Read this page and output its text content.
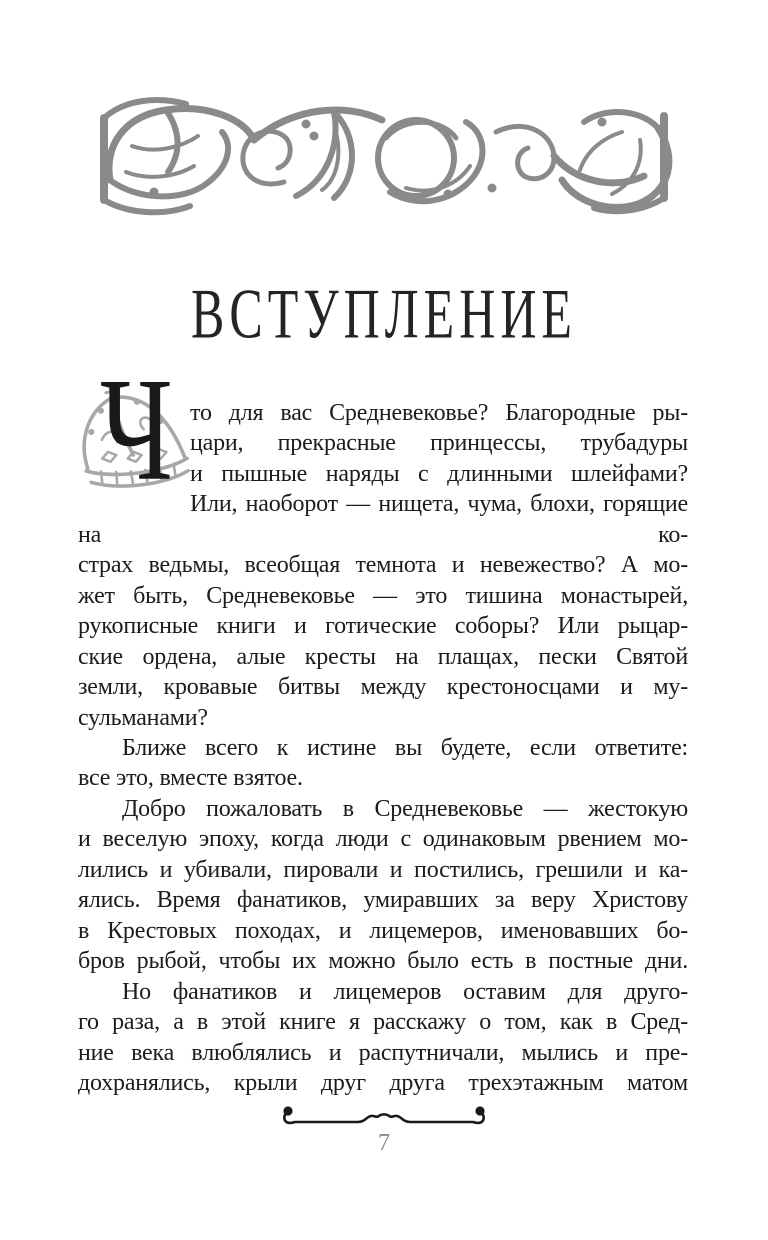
ВСТУПЛЕНИЕ
Ч то для вас Средневековье? Благородные ры-
цари, прекрасные принцессы, трубадуры
и пышные наряды с длинными шлейфами?
Или, наоборот — нищета, чума, блохи, горящие на ко-
страх ведьмы, всеобщая темнота и невежество? А мо-
жет быть, Средневековье — это тишина монастырей,
рукописные книги и готические соборы? Или рыцар-
ские ордена, алые кресты на плащах, пески Святой
земли, кровавые битвы между крестоносцами и му-
сульманами?
Ближе всего к истине вы будете, если ответите:
все это, вместе взятое.
Добро пожаловать в Средневековье — жестокую
и веселую эпоху, когда люди с одинаковым рвением мо-
лились и убивали, пировали и постились, грешили и ка-
ялись. Время фанатиков, умиравших за веру Христову
в Крестовых походах, и лицемеров, именовавших бо-
бров рыбой, чтобы их можно было есть в постные дни.
Но фанатиков и лицемеров оставим для друго-
го раза, а в этой книге я расскажу о том, как в Сред-
ние века влюблялись и распутничали, мылись и пре-
дохранялись, крыли друг друга трехэтажным матом
7
